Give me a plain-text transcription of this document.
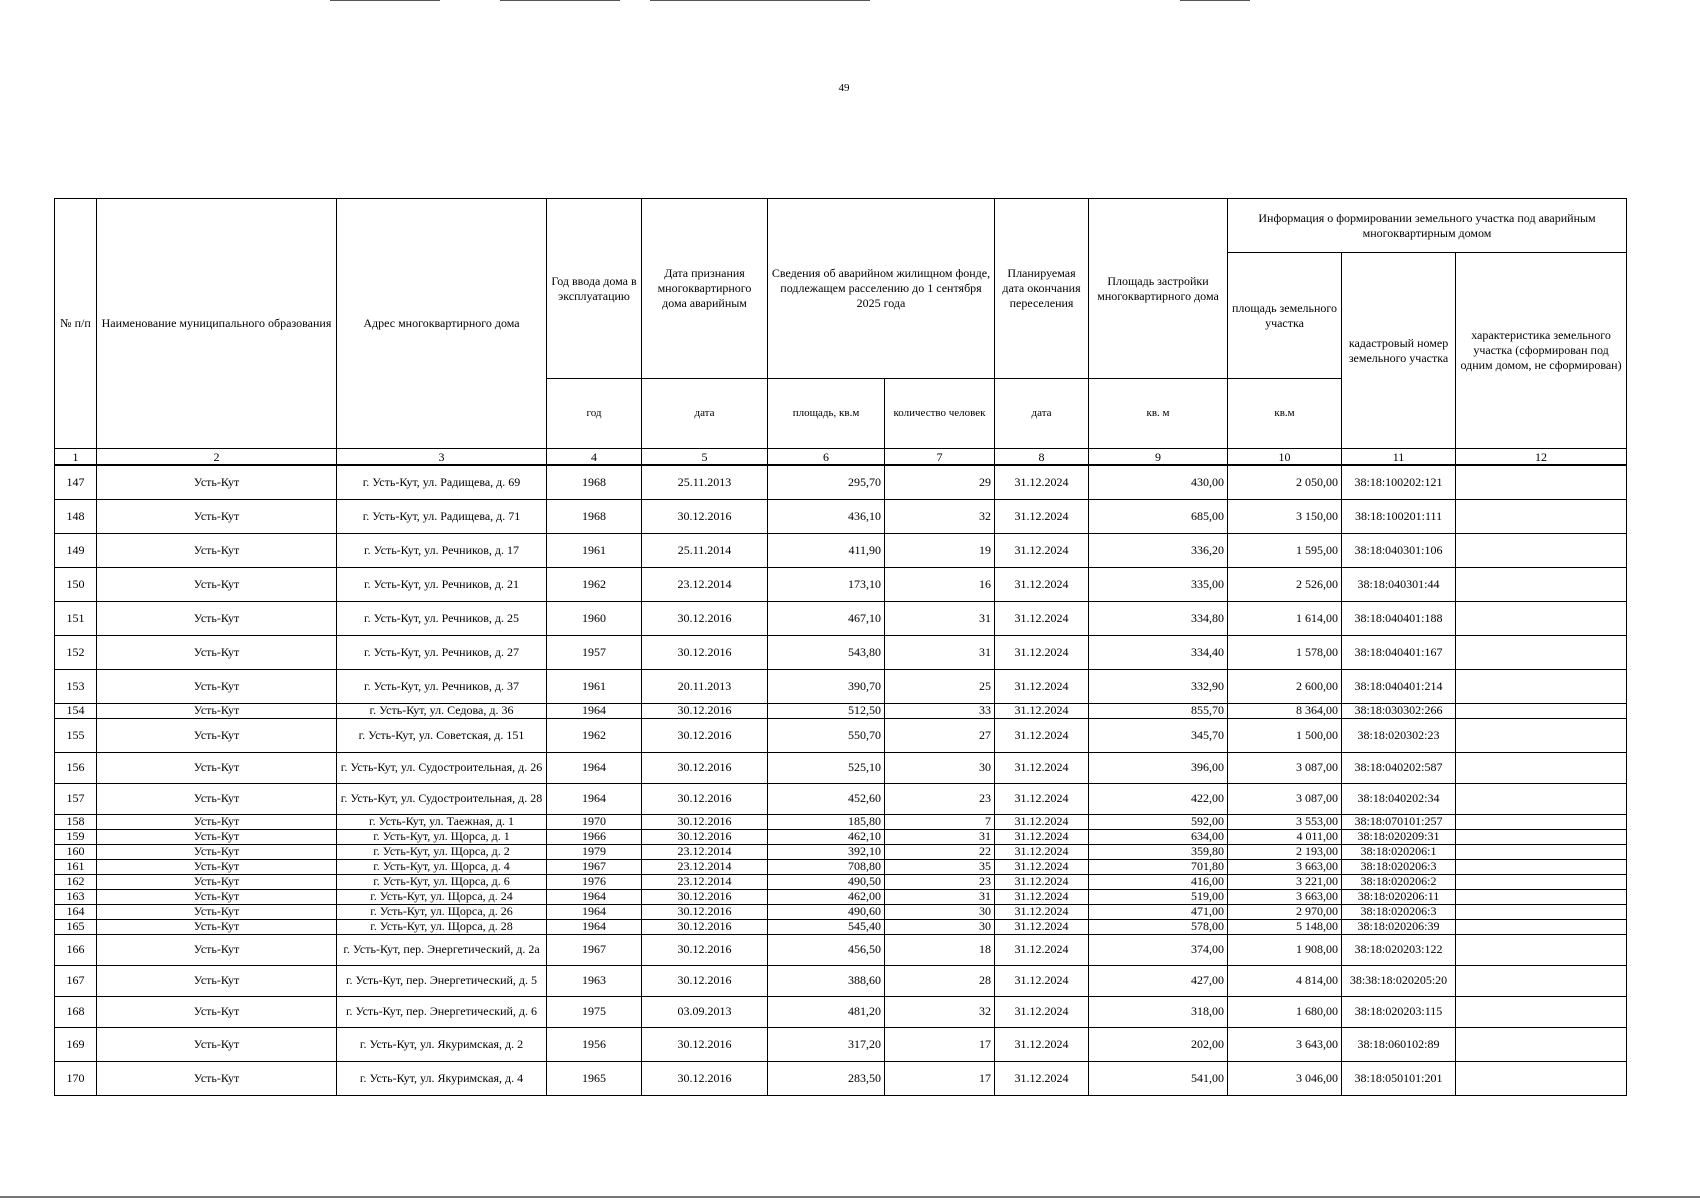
49
№ п/п	Наименование муниципального образования	Адрес многоквартирного дома	Год ввода дома в эксплуатацию	Дата признания многоквартирного дома аварийным	Сведения об аварийном жилищном фонде, подлежащем расселению до 1 сентября 2025 года		Планируемая дата окончания переселения	Площадь застройки многоквартирного дома	Информация о формировании земельного участка под аварийным многоквартирным домом		
									площадь земельного участка	кадастровый номер земельного участка	характеристика земельного участка (сформирован под одним домом, не сформирован)
			год	дата	площадь, кв.м	количество человек	дата	кв. м	кв.м		
1	2	3	4	5	6	7	8	9	10	11	12
147	Усть-Кут	г. Усть-Кут, ул. Радищева, д. 69	1968	25.11.2013	295,70	29	31.12.2024	430,00	2 050,00	38:18:100202:121	
148	Усть-Кут	г. Усть-Кут, ул. Радищева, д. 71	1968	30.12.2016	436,10	32	31.12.2024	685,00	3 150,00	38:18:100201:111	
149	Усть-Кут	г. Усть-Кут, ул. Речников, д. 17	1961	25.11.2014	411,90	19	31.12.2024	336,20	1 595,00	38:18:040301:106	
150	Усть-Кут	г. Усть-Кут, ул. Речников, д. 21	1962	23.12.2014	173,10	16	31.12.2024	335,00	2 526,00	38:18:040301:44	
151	Усть-Кут	г. Усть-Кут, ул. Речников, д. 25	1960	30.12.2016	467,10	31	31.12.2024	334,80	1 614,00	38:18:040401:188	
152	Усть-Кут	г. Усть-Кут, ул. Речников, д. 27	1957	30.12.2016	543,80	31	31.12.2024	334,40	1 578,00	38:18:040401:167	
153	Усть-Кут	г. Усть-Кут, ул. Речников, д. 37	1961	20.11.2013	390,70	25	31.12.2024	332,90	2 600,00	38:18:040401:214	
154	Усть-Кут	г. Усть-Кут, ул. Седова, д. 36	1964	30.12.2016	512,50	33	31.12.2024	855,70	8 364,00	38:18:030302:266	
155	Усть-Кут	г. Усть-Кут, ул. Советская, д. 151	1962	30.12.2016	550,70	27	31.12.2024	345,70	1 500,00	38:18:020302:23	
156	Усть-Кут	г. Усть-Кут, ул. Судостроительная, д. 26	1964	30.12.2016	525,10	30	31.12.2024	396,00	3 087,00	38:18:040202:587	
157	Усть-Кут	г. Усть-Кут, ул. Судостроительная, д. 28	1964	30.12.2016	452,60	23	31.12.2024	422,00	3 087,00	38:18:040202:34	
158	Усть-Кут	г. Усть-Кут, ул. Таежная, д. 1	1970	30.12.2016	185,80	7	31.12.2024	592,00	3 553,00	38:18:070101:257	
159	Усть-Кут	г. Усть-Кут, ул. Щорса, д. 1	1966	30.12.2016	462,10	31	31.12.2024	634,00	4 011,00	38:18:020209:31	
160	Усть-Кут	г. Усть-Кут, ул. Щорса, д. 2	1979	23.12.2014	392,10	22	31.12.2024	359,80	2 193,00	38:18:020206:1	
161	Усть-Кут	г. Усть-Кут, ул. Щорса, д. 4	1967	23.12.2014	708,80	35	31.12.2024	701,80	3 663,00	38:18:020206:3	
162	Усть-Кут	г. Усть-Кут, ул. Щорса, д. 6	1976	23.12.2014	490,50	23	31.12.2024	416,00	3 221,00	38:18:020206:2	
163	Усть-Кут	г. Усть-Кут, ул. Щорса, д. 24	1964	30.12.2016	462,00	31	31.12.2024	519,00	3 663,00	38:18:020206:11	
164	Усть-Кут	г. Усть-Кут, ул. Щорса, д. 26	1964	30.12.2016	490,60	30	31.12.2024	471,00	2 970,00	38:18:020206:3	
165	Усть-Кут	г. Усть-Кут, ул. Щорса, д. 28	1964	30.12.2016	545,40	30	31.12.2024	578,00	5 148,00	38:18:020206:39	
166	Усть-Кут	г. Усть-Кут, пер. Энергетический, д. 2а	1967	30.12.2016	456,50	18	31.12.2024	374,00	1 908,00	38:18:020203:122	
167	Усть-Кут	г. Усть-Кут, пер. Энергетический, д. 5	1963	30.12.2016	388,60	28	31.12.2024	427,00	4 814,00	38:38:18:020205:20	
168	Усть-Кут	г. Усть-Кут, пер. Энергетический, д. 6	1975	03.09.2013	481,20	32	31.12.2024	318,00	1 680,00	38:18:020203:115	
169	Усть-Кут	г. Усть-Кут, ул. Якуримская, д. 2	1956	30.12.2016	317,20	17	31.12.2024	202,00	3 643,00	38:18:060102:89	
170	Усть-Кут	г. Усть-Кут, ул. Якуримская, д. 4	1965	30.12.2016	283,50	17	31.12.2024	541,00	3 046,00	38:18:050101:201	
